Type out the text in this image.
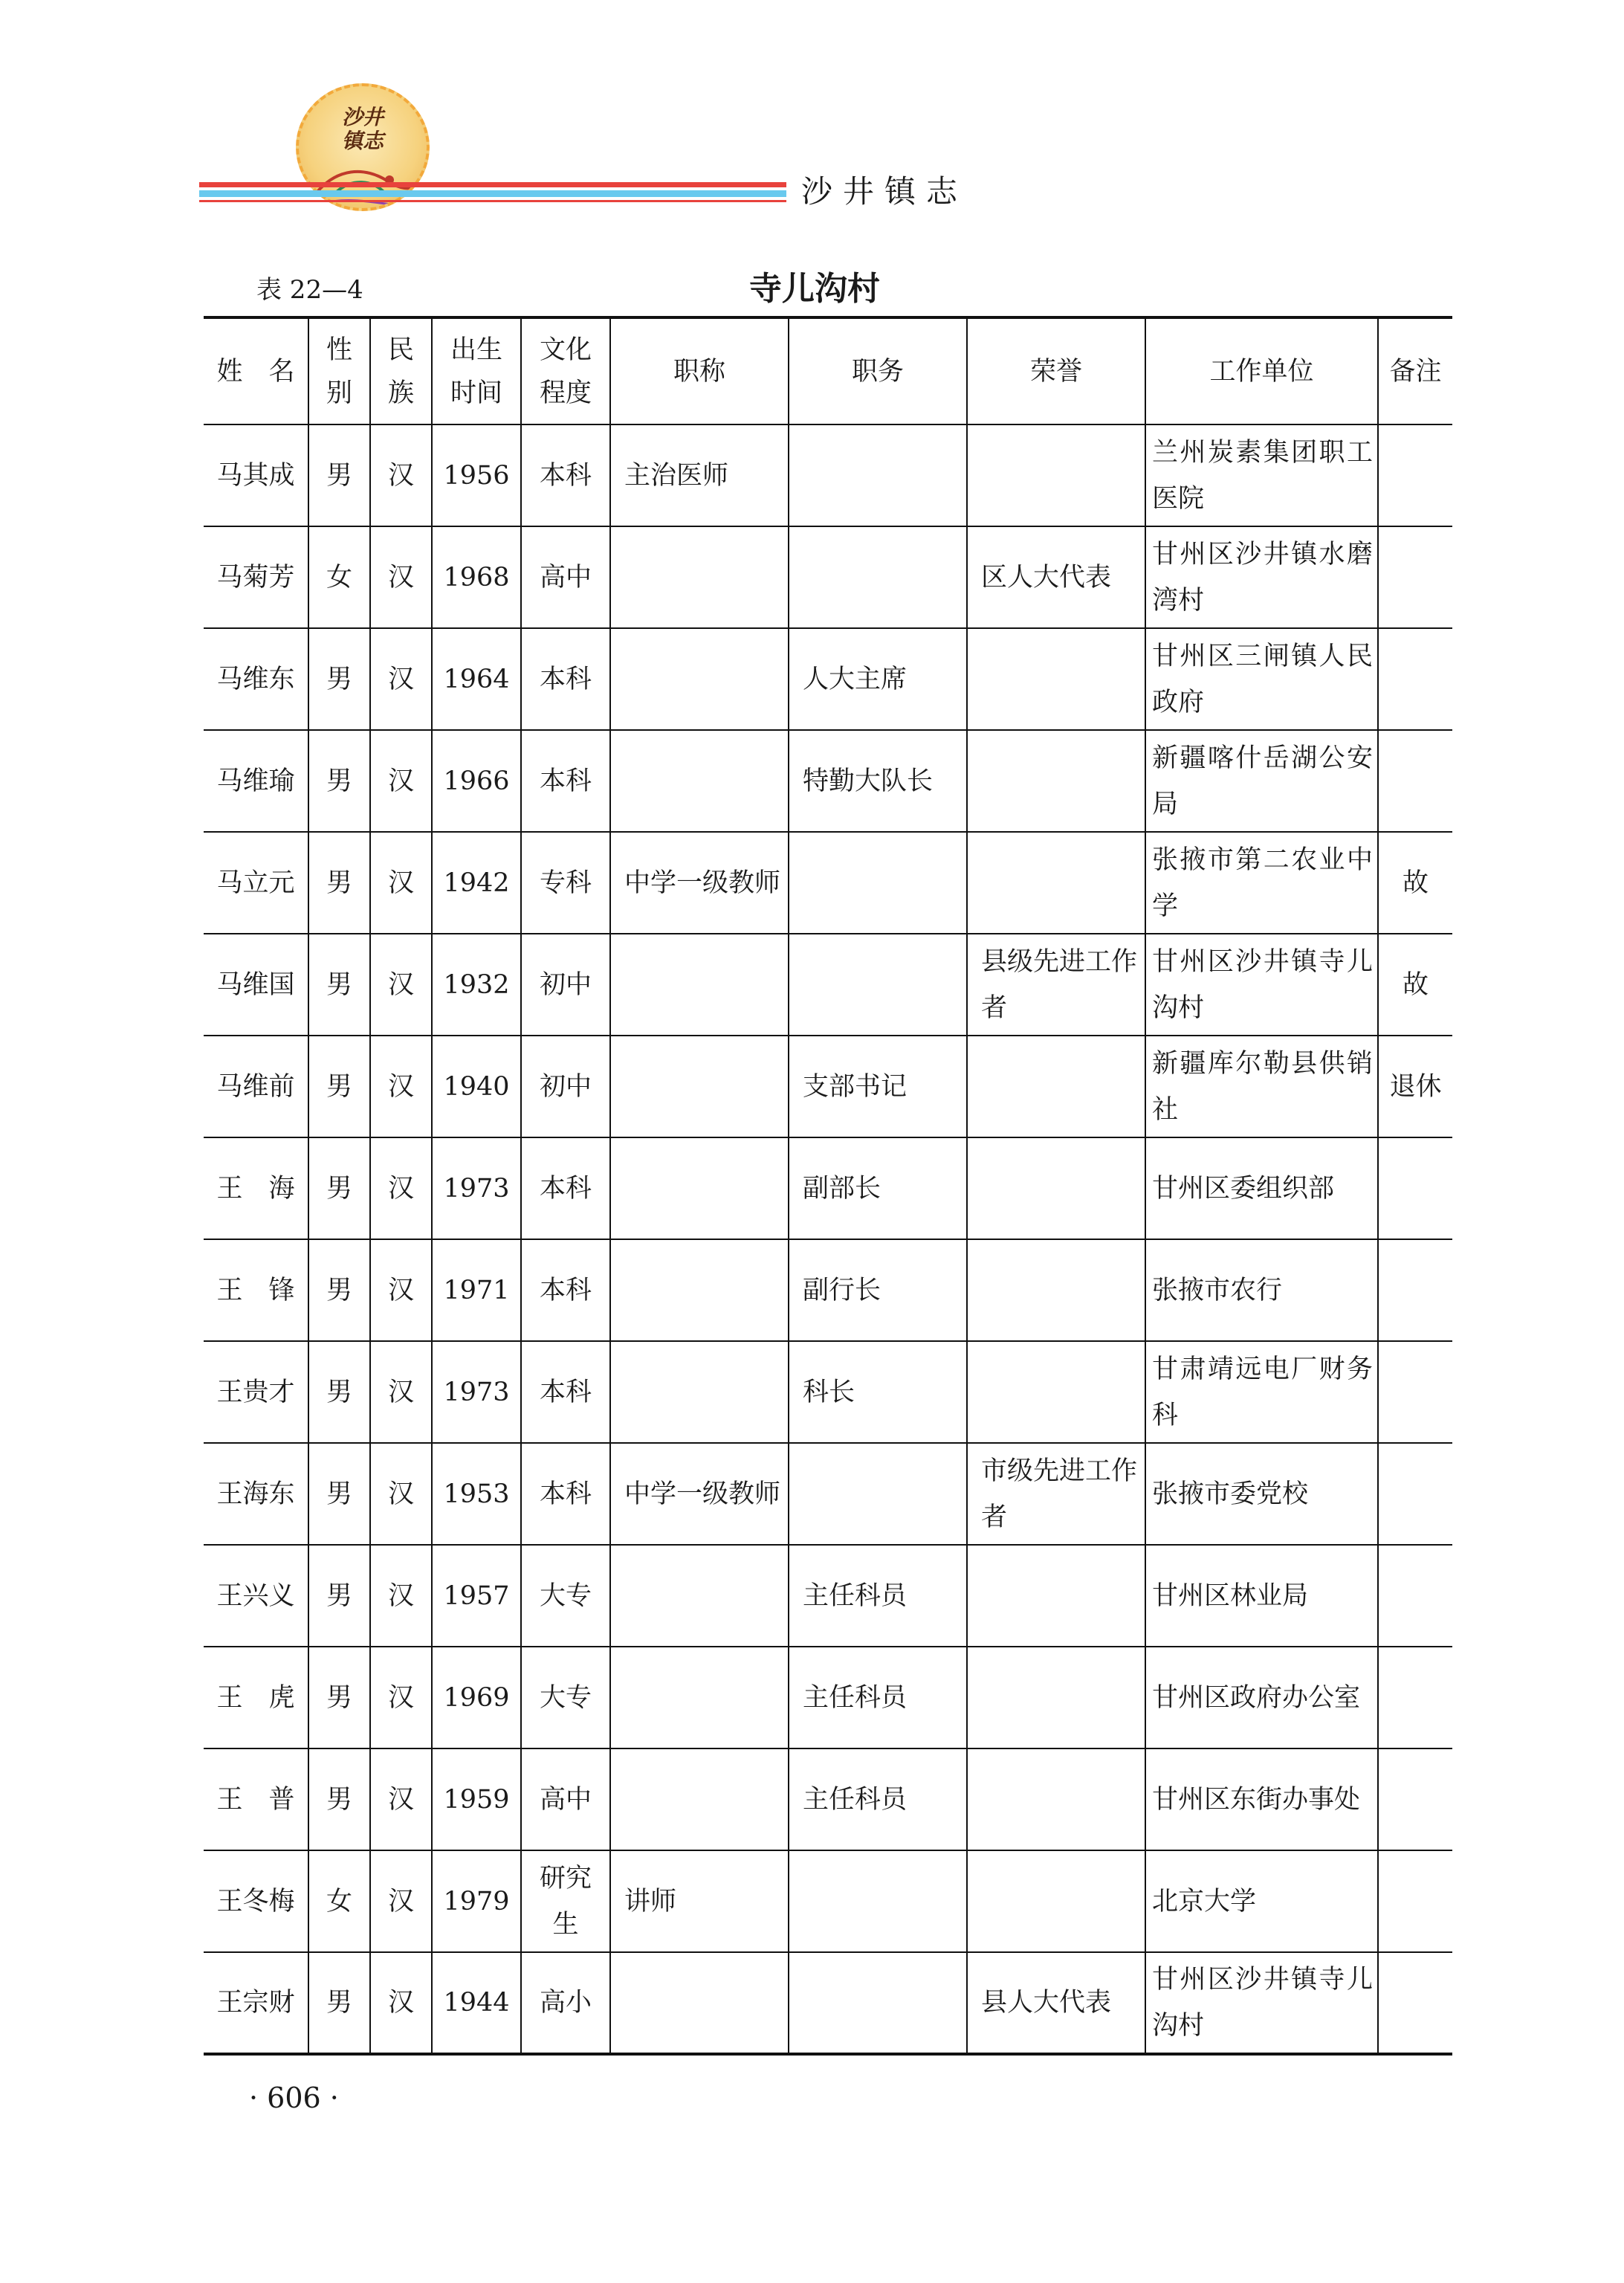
沙井
镇志
沙井镇志
表 22—4	寺儿沟村
姓　名	性别	民族	出生时间	文化程度	职称	职务	荣誉	工作单位	备注
马其成	男	汉	1956	本科	主治医师			兰州炭素集团职工医院	
马菊芳	女	汉	1968	高中			区人大代表	甘州区沙井镇水磨湾村	
马维东	男	汉	1964	本科		人大主席		甘州区三闸镇人民政府	
马维瑜	男	汉	1966	本科		特勤大队长		新疆喀什岳湖公安局	
马立元	男	汉	1942	专科	中学一级教师			张掖市第二农业中学	故
马维国	男	汉	1932	初中			县级先进工作者	甘州区沙井镇寺儿沟村	故
马维前	男	汉	1940	初中		支部书记		新疆库尔勒县供销社	退休
王　海	男	汉	1973	本科		副部长		甘州区委组织部	
王　锋	男	汉	1971	本科		副行长		张掖市农行	
王贵才	男	汉	1973	本科		科长		甘肃靖远电厂财务科	
王海东	男	汉	1953	本科	中学一级教师		市级先进工作者	张掖市委党校	
王兴义	男	汉	1957	大专		主任科员		甘州区林业局	
王　虎	男	汉	1969	大专		主任科员		甘州区政府办公室	
王　普	男	汉	1959	高中		主任科员		甘州区东街办事处	
王冬梅	女	汉	1979	研究生	讲师			北京大学	
王宗财	男	汉	1944	高小			县人大代表	甘州区沙井镇寺儿沟村	
· 606 ·
